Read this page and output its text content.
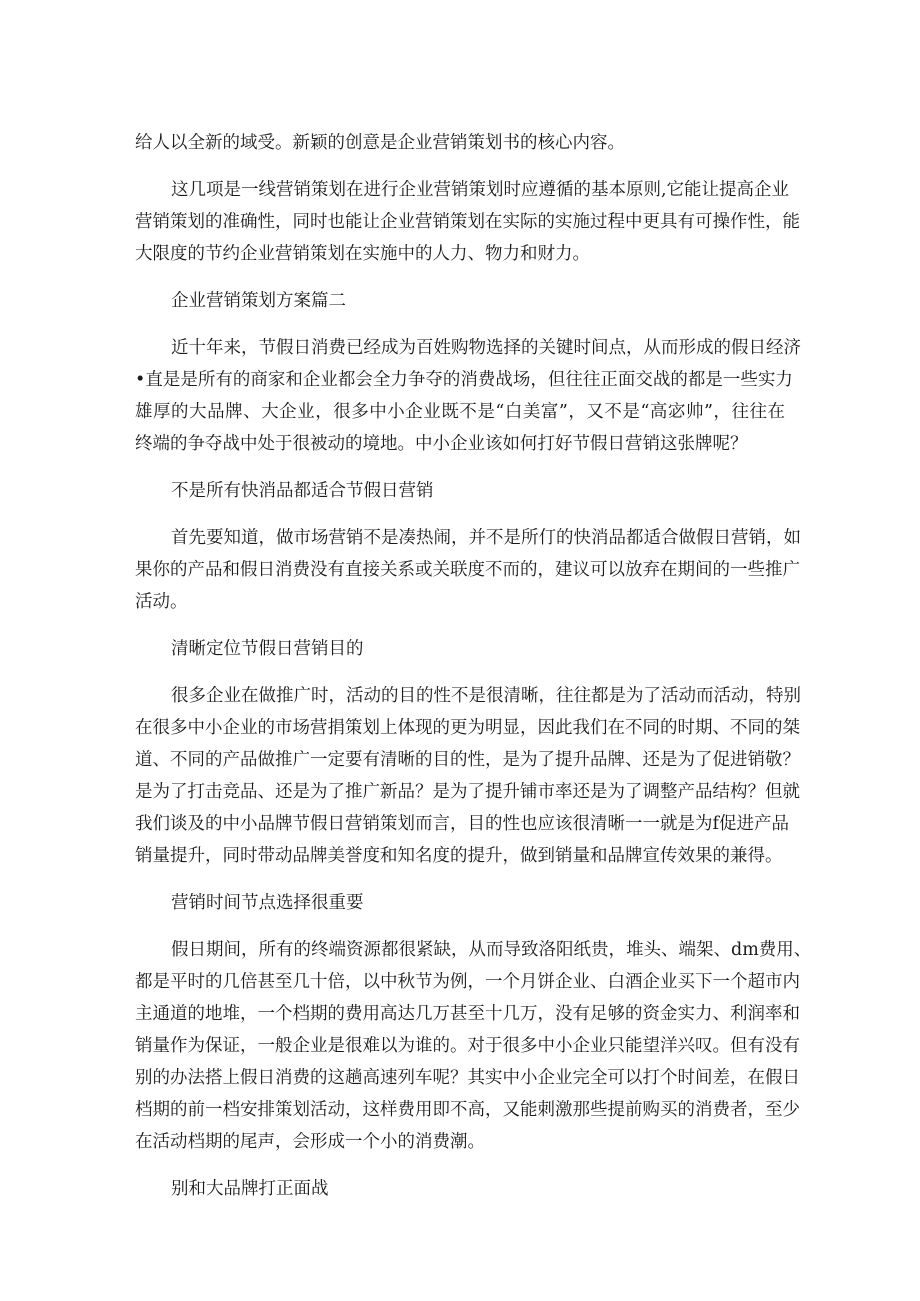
给人以全新的域受。新颖的创意是企业营销策划书的核心内容。
这几项是一线营销策划在进行企业营销策划时应遵循的基本原则,它能让提高企业
营销策划的准确性，同时也能让企业营销策划在实际的实施过程中更具有可操作性，能
大限度的节约企业营销策划在实施中的人力、物力和财力。
企业营销策划方案篇二
近十年来，节假日消费已经成为百姓购物选择的关键时间点，从而形成的假日经济
•直是是所有的商家和企业都会全力争夺的消费战场，但往往正面交战的都是一些实力
雄厚的大品牌、大企业，很多中小企业既不是“白美富”，又不是“高宓帅”，往往在
终端的争夺战中处于很被动的境地。中小企业该如何打好节假日营销这张牌呢？
不是所有快消品都适合节假日营销
首先要知道，做市场营销不是凑热闹，并不是所仃的快消品都适合做假日营销，如
果你的产品和假日消费没有直接关系或关联度不而的，建议可以放弃在期间的一些推广
活动。
清晰定位节假日营销目的
很多企业在做推广时，活动的目的性不是很清晰，往往都是为了活动而活动，特别
在很多中小企业的市场营捐策划上体现的更为明显，因此我们在不同的时期、不同的桀
道、不同的产品做推广一定要有清晰的目的性，是为了提升品牌、还是为了促进销敬？
是为了打击竞品、还是为了推广新品？是为了提升铺市率还是为了调整产品结构？但就
我们谈及的中小品牌节假日营销策划而言，目的性也应该很清晰一一就是为f促进产品
销量提升，同时带动品牌美誉度和知名度的提升，做到销量和品牌宣传效果的兼得。
营销时间节点选择很重要
假日期间，所有的终端资源都很紧缺，从而导致洛阳纸贵，堆头、端架、dm费用、
都是平时的几倍甚至几十倍，以中秋节为例，一个月饼企业、白酒企业买下一个超市内
主通道的地堆，一个档期的费用高达几万甚至十几万，没有足够的资金实力、利润率和
销量作为保证，一般企业是很难以为谁的。对于很多中小企业只能望洋兴叹。但有没有
别的办法搭上假日消费的这趟高速列车呢？其实中小企业完全可以打个时间差，在假日
档期的前一档安排策划活动，这样费用即不高，又能刺激那些提前购买的消费者，至少
在活动档期的尾声，会形成一个小的消费潮。
别和大品牌打正面战
